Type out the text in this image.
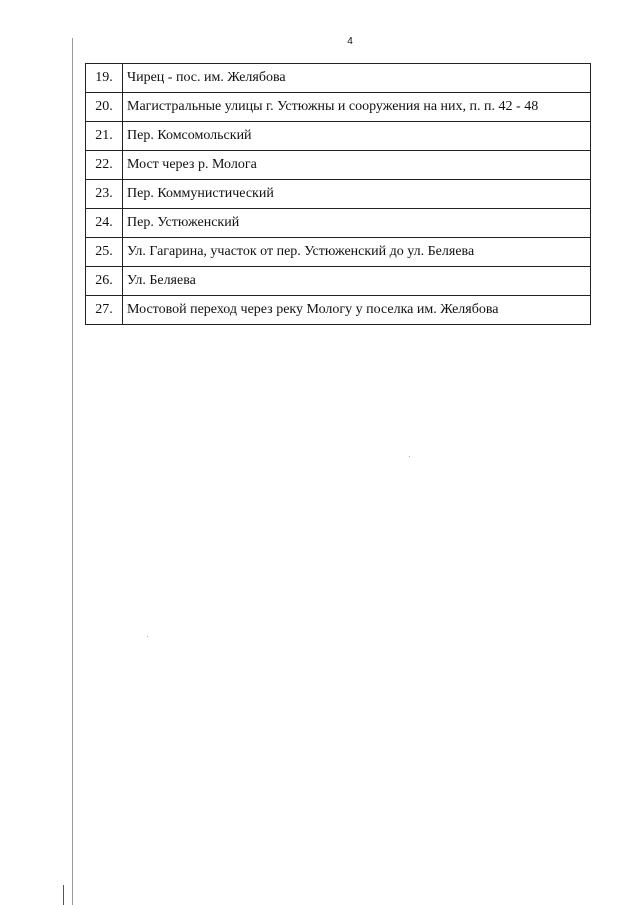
4
19.	Чирец - пос. им. Желябова
20.	Магистральные улицы г. Устюжны и сооружения на них, п. п. 42 - 48
21.	Пер. Комсомольский
22.	Мост через р. Молога
23.	Пер. Коммунистический
24.	Пер. Устюженский
25.	Ул. Гагарина, участок от пер. Устюженский до ул. Беляева
26.	Ул. Беляева
27.	Мостовой переход через реку Мологу у поселка им. Желябова
